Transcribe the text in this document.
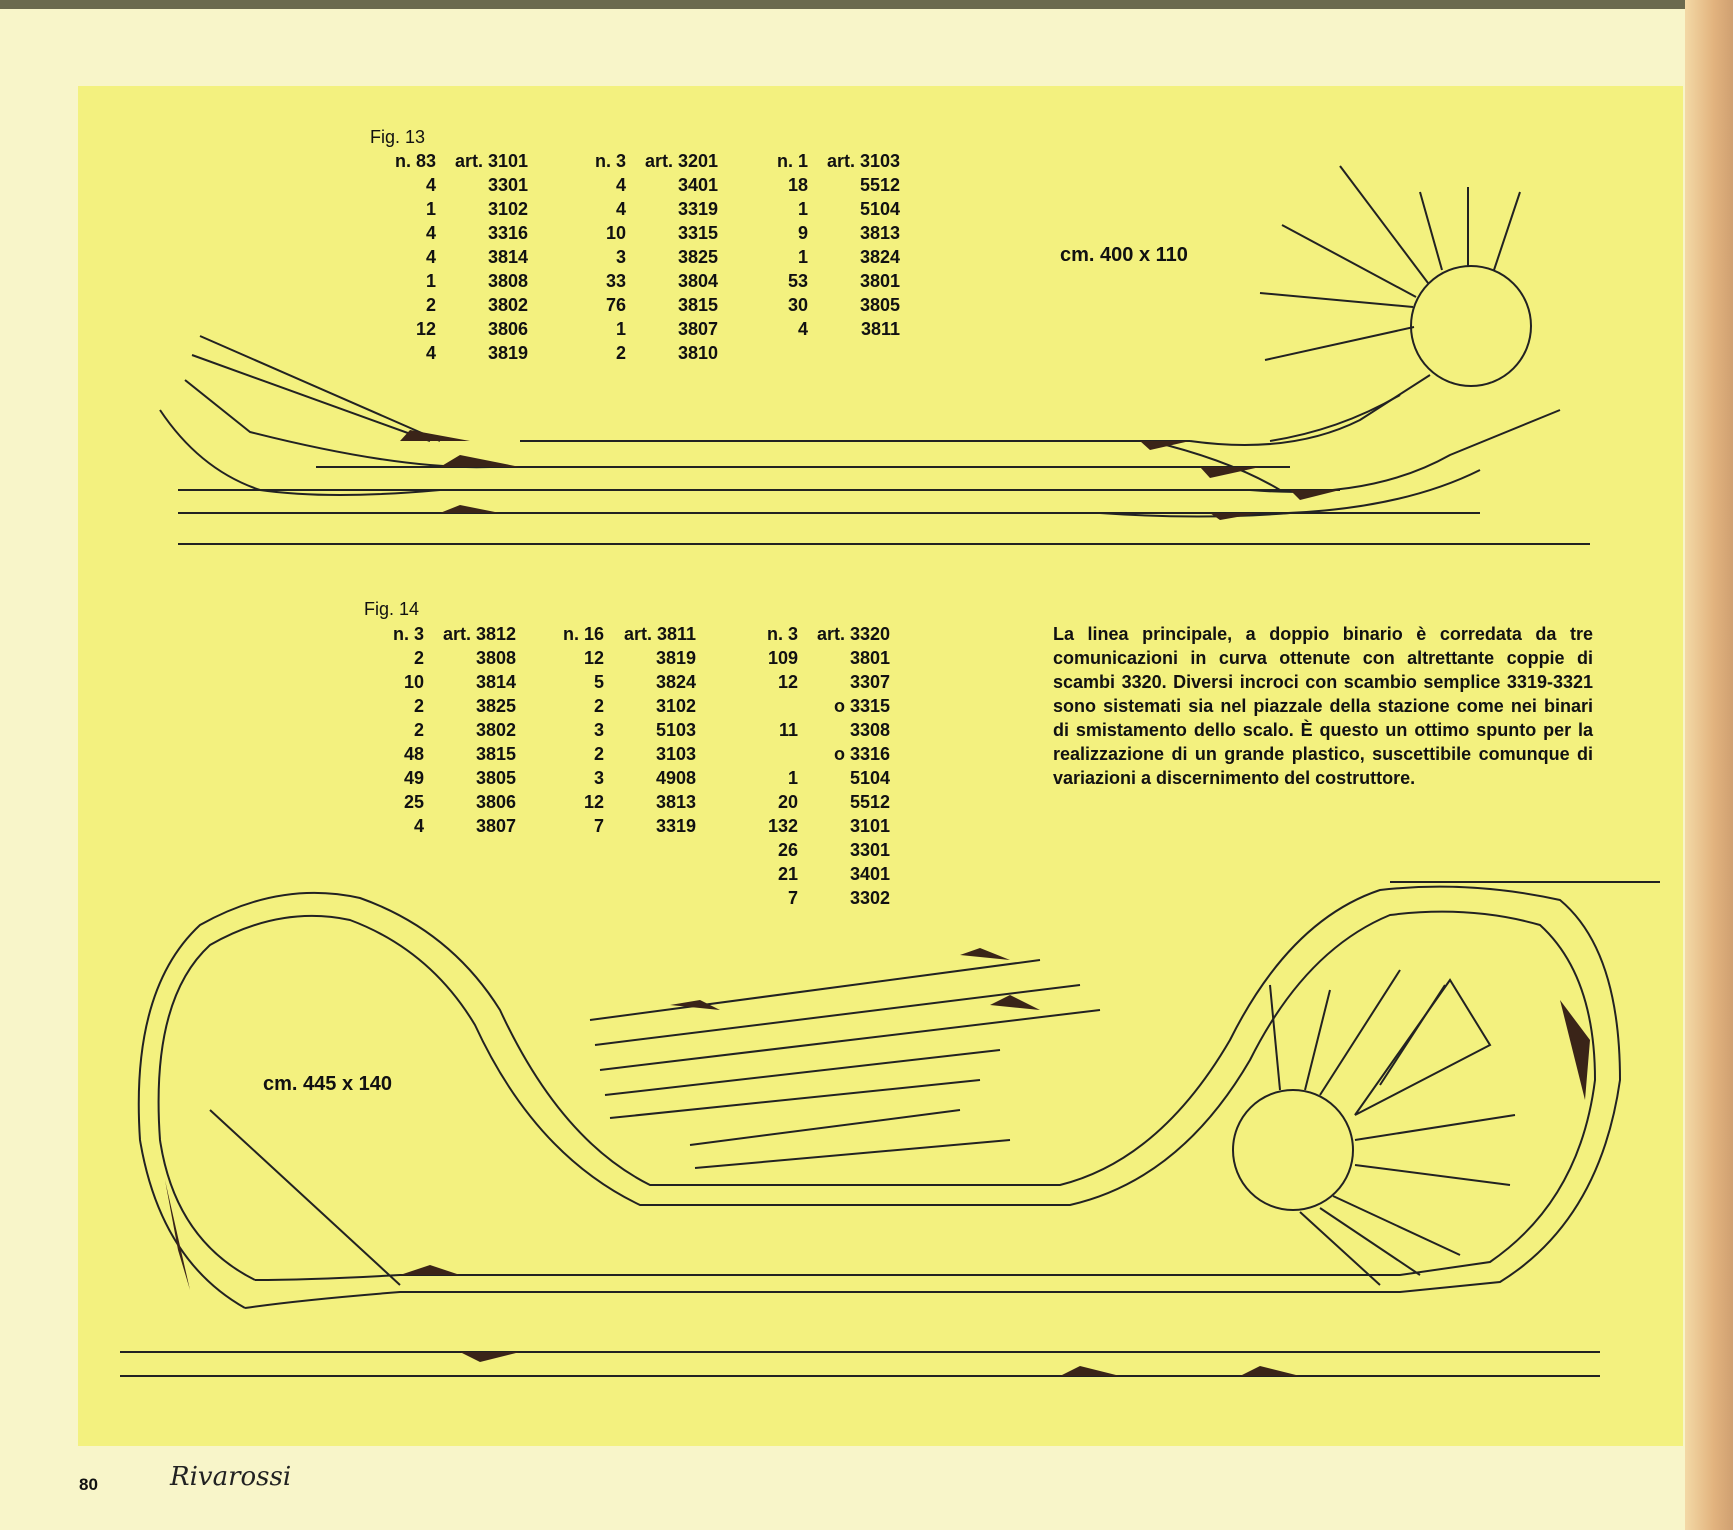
Fig. 13
n. 83	art. 3101
4	3301
1	3102
4	3316
4	3814
1	3808
2	3802
12	3806
4	3819
n. 3	art. 3201
4	3401
4	3319
10	3315
3	3825
33	3804
76	3815
1	3807
2	3810
n. 1	art. 3103
18	5512
1	5104
9	3813
1	3824
53	3801
30	3805
4	3811
cm. 400 x 110
Fig. 14
n. 3	art. 3812
2	3808
10	3814
2	3825
2	3802
48	3815
49	3805
25	3806
4	3807
n. 16	art. 3811
12	3819
5	3824
2	3102
3	5103
2	3103
3	4908
12	3813
7	3319
n. 3	art. 3320
109	3801
12	3307
	o 3315
11	3308
	o 3316
1	5104
20	5512
132	3101
26	3301
21	3401
7	3302
cm. 445 x 140

La linea principale, a doppio binario è corredata da tre comunicazioni in curva ottenute con altrettante coppie di scambi 3320. Diversi incroci con scambio semplice 3319-3321 sono sistemati sia nel piazzale della stazione come nei binari di smistamento dello scalo. È questo un ottimo spunto per la realizzazione di un grande plastico, suscettibile comunque di variazioni a discernimento del costruttore.

80	Rivarossi
